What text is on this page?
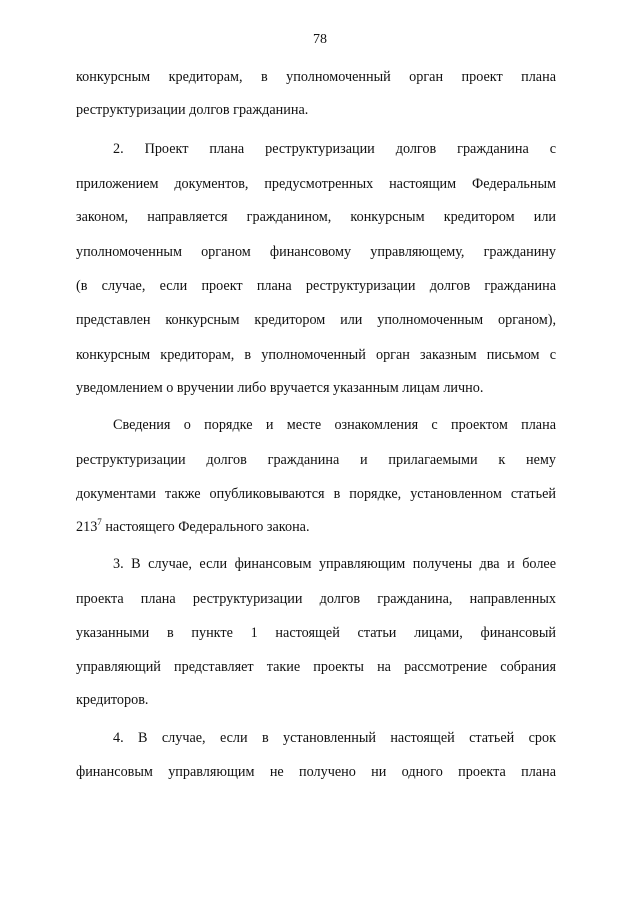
78
конкурсным кредиторам, в уполномоченный орган проект плана
реструктуризации долгов гражданина.
2. Проект плана реструктуризации долгов гражданина с
приложением документов, предусмотренных настоящим Федеральным
законом, направляется гражданином, конкурсным кредитором или
уполномоченным органом финансовому управляющему, гражданину
(в случае, если проект плана реструктуризации долгов гражданина
представлен конкурсным кредитором или уполномоченным органом),
конкурсным кредиторам, в уполномоченный орган заказным письмом с
уведомлением о вручении либо вручается указанным лицам лично.
Сведения о порядке и месте ознакомления с проектом плана
реструктуризации долгов гражданина и прилагаемыми к нему
документами также опубликовываются в порядке, установленном статьей
$213^7$ настоящего Федерального закона.
3. В случае, если финансовым управляющим получены два и более
проекта плана реструктуризации долгов гражданина, направленных
указанными в пункте 1 настоящей статьи лицами, финансовый
управляющий представляет такие проекты на рассмотрение собрания
кредиторов.
4. В случае, если в установленный настоящей статьей срок
финансовым управляющим не получено ни одного проекта плана
